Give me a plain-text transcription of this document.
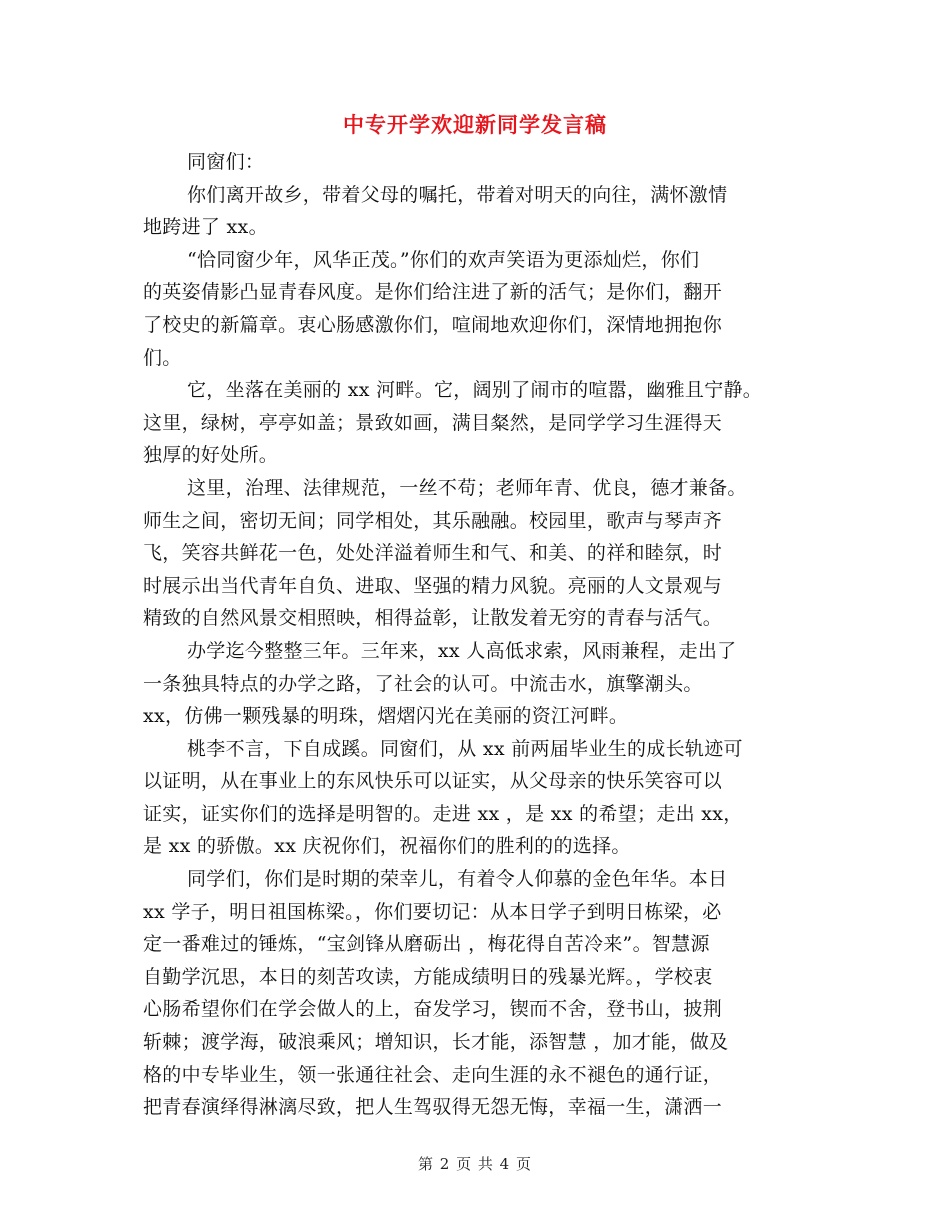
中专开学欢迎新同学发言稿
同窗们：
你们离开故乡，带着父母的嘱托，带着对明天的向往，满怀激情
地跨进了 xx。
“恰同窗少年，风华正茂。”你们的欢声笑语为更添灿烂，你们
的英姿倩影凸显青春风度。是你们给注进了新的活气；是你们，翻开
了校史的新篇章。衷心肠感激你们，喧闹地欢迎你们，深情地拥抱你
们。
它，坐落在美丽的 xx 河畔。它，阔别了闹市的喧嚣，幽雅且宁静。
这里，绿树，亭亭如盖；景致如画，满目粲然，是同学学习生涯得天
独厚的好处所。
这里，治理、法律规范，一丝不苟；老师年青、优良，德才兼备。
师生之间，密切无间；同学相处，其乐融融。校园里，歌声与琴声齐
飞，笑容共鲜花一色，处处洋溢着师生和气、和美、的祥和睦氛，时
时展示出当代青年自负、进取、坚强的精力风貌。亮丽的人文景观与
精致的自然风景交相照映，相得益彰，让散发着无穷的青春与活气。
办学迄今整整三年。三年来，xx 人高低求索，风雨兼程，走出了
一条独具特点的办学之路，了社会的认可。中流击水，旗擎潮头。
xx，仿佛一颗残暴的明珠，熠熠闪光在美丽的资江河畔。
桃李不言，下自成蹊。同窗们，从 xx 前两届毕业生的成长轨迹可
以证明，从在事业上的东风快乐可以证实，从父母亲的快乐笑容可以
证实，证实你们的选择是明智的。走进 xx ，是 xx 的希望；走出 xx，
是 xx 的骄傲。xx 庆祝你们，祝福你们的胜利的的选择。
同学们，你们是时期的荣幸儿，有着令人仰慕的金色年华。本日
xx 学子，明日祖国栋梁。，你们要切记：从本日学子到明日栋梁，必
定一番难过的锤炼，“宝剑锋从磨砺出 ，梅花得自苦冷来”。智慧源
自勤学沉思，本日的刻苦攻读，方能成绩明日的残暴光辉。，学校衷
心肠希望你们在学会做人的上，奋发学习，锲而不舍，登书山，披荆
斩棘；渡学海，破浪乘风；增知识，长才能，添智慧 ，加才能，做及
格的中专毕业生，领一张通往社会、走向生涯的永不褪色的通行证，
把青春演绎得淋漓尽致，把人生驾驭得无怨无悔，幸福一生，潇洒一
第 2 页 共 4 页
